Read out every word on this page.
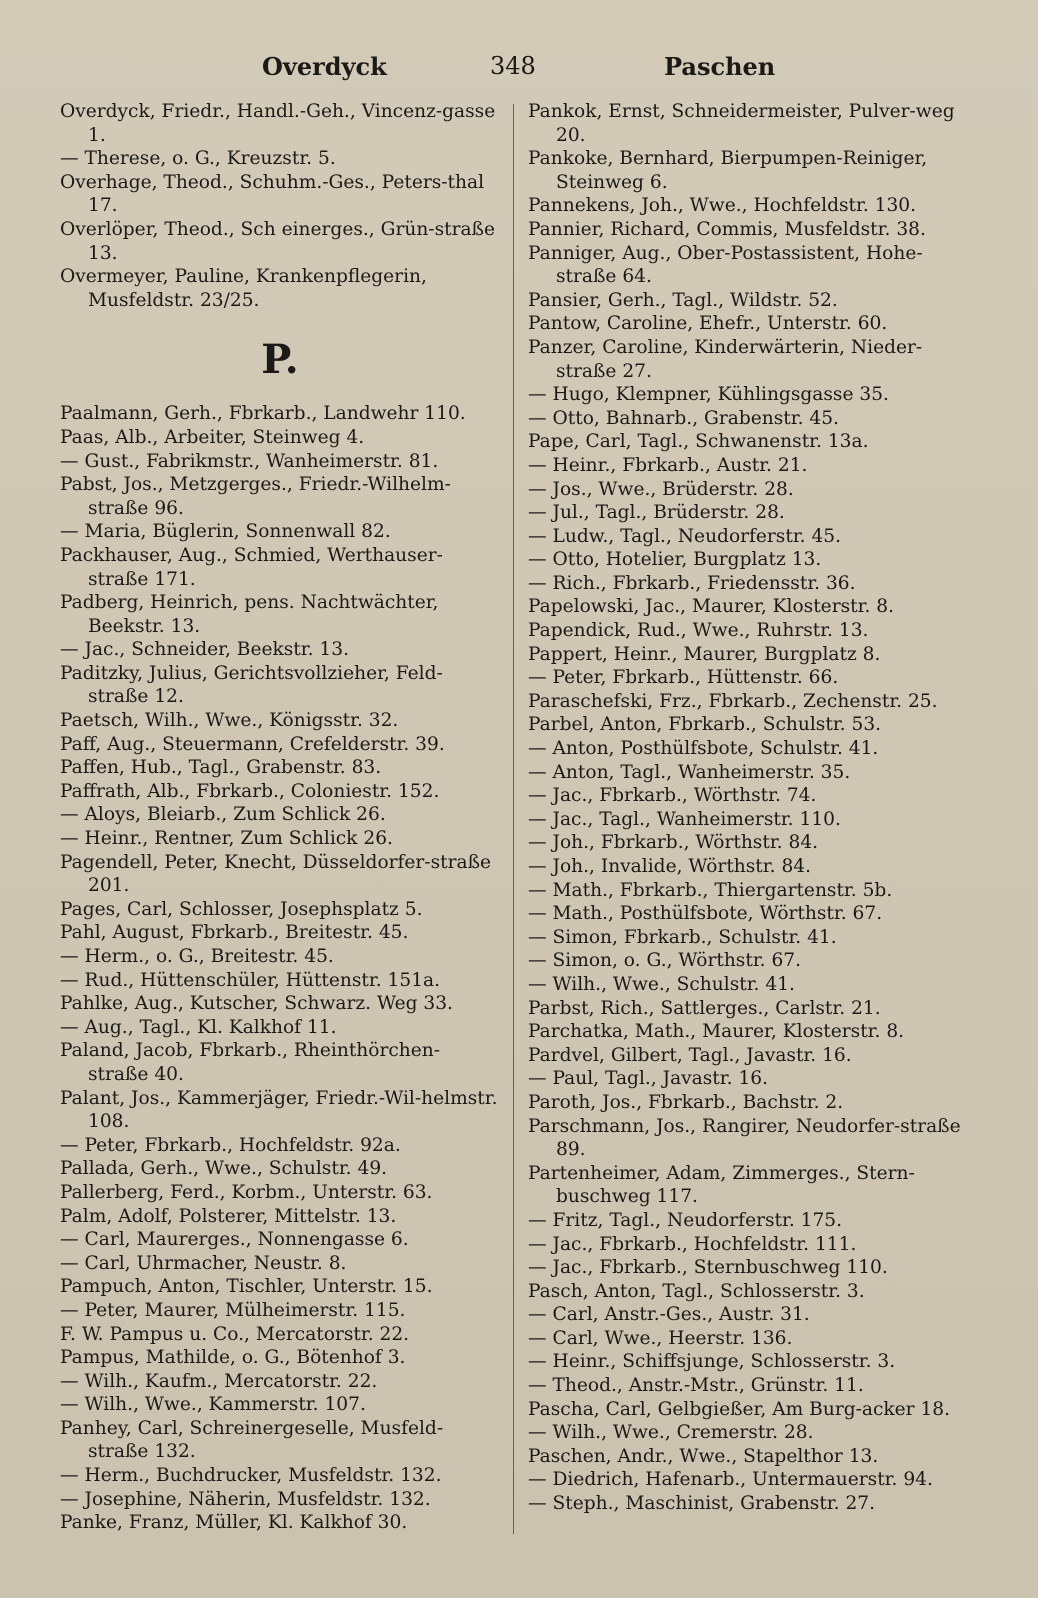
Overdyck	348	Paschen
Overdyck, Friedr., Handl.-Geh., Vincenz-gasse 1.
— Therese, o. G., Kreuzstr. 5.
Overhage, Theod., Schuhm.-Ges., Peters-thal 17.
Overlöper, Theod., Sch einerges., Grün-straße 13.
Overmeyer, Pauline, Krankenpflegerin, Musfeldstr. 23/25.
P.
Paalmann, Gerh., Fbrkarb., Landwehr 110.
Paas, Alb., Arbeiter, Steinweg 4.
— Gust., Fabrikmstr., Wanheimerstr. 81.
Pabst, Jos., Metzgerges., Friedr.-Wilhelm-straße 96.
— Maria, Büglerin, Sonnenwall 82.
Packhauser, Aug., Schmied, Werthauser-straße 171.
Padberg, Heinrich, pens. Nachtwächter, Beekstr. 13.
— Jac., Schneider, Beekstr. 13.
Paditzky, Julius, Gerichtsvollzieher, Feld-straße 12.
Paetsch, Wilh., Wwe., Königsstr. 32.
Paff, Aug., Steuermann, Crefelderstr. 39.
Paffen, Hub., Tagl., Grabenstr. 83.
Paffrath, Alb., Fbrkarb., Coloniestr. 152.
— Aloys, Bleiarb., Zum Schlick 26.
— Heinr., Rentner, Zum Schlick 26.
Pagendell, Peter, Knecht, Düsseldorfer-straße 201.
Pages, Carl, Schlosser, Josephsplatz 5.
Pahl, August, Fbrkarb., Breitestr. 45.
— Herm., o. G., Breitestr. 45.
— Rud., Hüttenschüler, Hüttenstr. 151a.
Pahlke, Aug., Kutscher, Schwarz. Weg 33.
— Aug., Tagl., Kl. Kalkhof 11.
Paland, Jacob, Fbrkarb., Rheinthörchen-straße 40.
Palant, Jos., Kammerjäger, Friedr.-Wil-helmstr. 108.
— Peter, Fbrkarb., Hochfeldstr. 92a.
Pallada, Gerh., Wwe., Schulstr. 49.
Pallerberg, Ferd., Korbm., Unterstr. 63.
Palm, Adolf, Polsterer, Mittelstr. 13.
— Carl, Maurerges., Nonnengasse 6.
— Carl, Uhrmacher, Neustr. 8.
Pampuch, Anton, Tischler, Unterstr. 15.
— Peter, Maurer, Mülheimerstr. 115.
F. W. Pampus u. Co., Mercatorstr. 22.
Pampus, Mathilde, o. G., Bötenhof 3.
— Wilh., Kaufm., Mercatorstr. 22.
— Wilh., Wwe., Kammerstr. 107.
Panhey, Carl, Schreinergeselle, Musfeld-straße 132.
— Herm., Buchdrucker, Musfeldstr. 132.
— Josephine, Näherin, Musfeldstr. 132.
Panke, Franz, Müller, Kl. Kalkhof 30.
Pankok, Ernst, Schneidermeister, Pulver-weg 20.
Pankoke, Bernhard, Bierpumpen-Reiniger, Steinweg 6.
Pannekens, Joh., Wwe., Hochfeldstr. 130.
Pannier, Richard, Commis, Musfeldstr. 38.
Panniger, Aug., Ober-Postassistent, Hohe-straße 64.
Pansier, Gerh., Tagl., Wildstr. 52.
Pantow, Caroline, Ehefr., Unterstr. 60.
Panzer, Caroline, Kinderwärterin, Nieder-straße 27.
— Hugo, Klempner, Kühlingsgasse 35.
— Otto, Bahnarb., Grabenstr. 45.
Pape, Carl, Tagl., Schwanenstr. 13a.
— Heinr., Fbrkarb., Austr. 21.
— Jos., Wwe., Brüderstr. 28.
— Jul., Tagl., Brüderstr. 28.
— Ludw., Tagl., Neudorferstr. 45.
— Otto, Hotelier, Burgplatz 13.
— Rich., Fbrkarb., Friedensstr. 36.
Papelowski, Jac., Maurer, Klosterstr. 8.
Papendick, Rud., Wwe., Ruhrstr. 13.
Pappert, Heinr., Maurer, Burgplatz 8.
— Peter, Fbrkarb., Hüttenstr. 66.
Paraschefski, Frz., Fbrkarb., Zechenstr. 25.
Parbel, Anton, Fbrkarb., Schulstr. 53.
— Anton, Posthülfsbote, Schulstr. 41.
— Anton, Tagl., Wanheimerstr. 35.
— Jac., Fbrkarb., Wörthstr. 74.
— Jac., Tagl., Wanheimerstr. 110.
— Joh., Fbrkarb., Wörthstr. 84.
— Joh., Invalide, Wörthstr. 84.
— Math., Fbrkarb., Thiergartenstr. 5b.
— Math., Posthülfsbote, Wörthstr. 67.
— Simon, Fbrkarb., Schulstr. 41.
— Simon, o. G., Wörthstr. 67.
— Wilh., Wwe., Schulstr. 41.
Parbst, Rich., Sattlerges., Carlstr. 21.
Parchatka, Math., Maurer, Klosterstr. 8.
Pardvel, Gilbert, Tagl., Javastr. 16.
— Paul, Tagl., Javastr. 16.
Paroth, Jos., Fbrkarb., Bachstr. 2.
Parschmann, Jos., Rangirer, Neudorfer-straße 89.
Partenheimer, Adam, Zimmerges., Stern-buschweg 117.
— Fritz, Tagl., Neudorferstr. 175.
— Jac., Fbrkarb., Hochfeldstr. 111.
— Jac., Fbrkarb., Sternbuschweg 110.
Pasch, Anton, Tagl., Schlosserstr. 3.
— Carl, Anstr.-Ges., Austr. 31.
— Carl, Wwe., Heerstr. 136.
— Heinr., Schiffsjunge, Schlosserstr. 3.
— Theod., Anstr.-Mstr., Grünstr. 11.
Pascha, Carl, Gelbgießer, Am Burg-acker 18.
— Wilh., Wwe., Cremerstr. 28.
Paschen, Andr., Wwe., Stapelthor 13.
— Diedrich, Hafenarb., Untermauerstr. 94.
— Steph., Maschinist, Grabenstr. 27.
